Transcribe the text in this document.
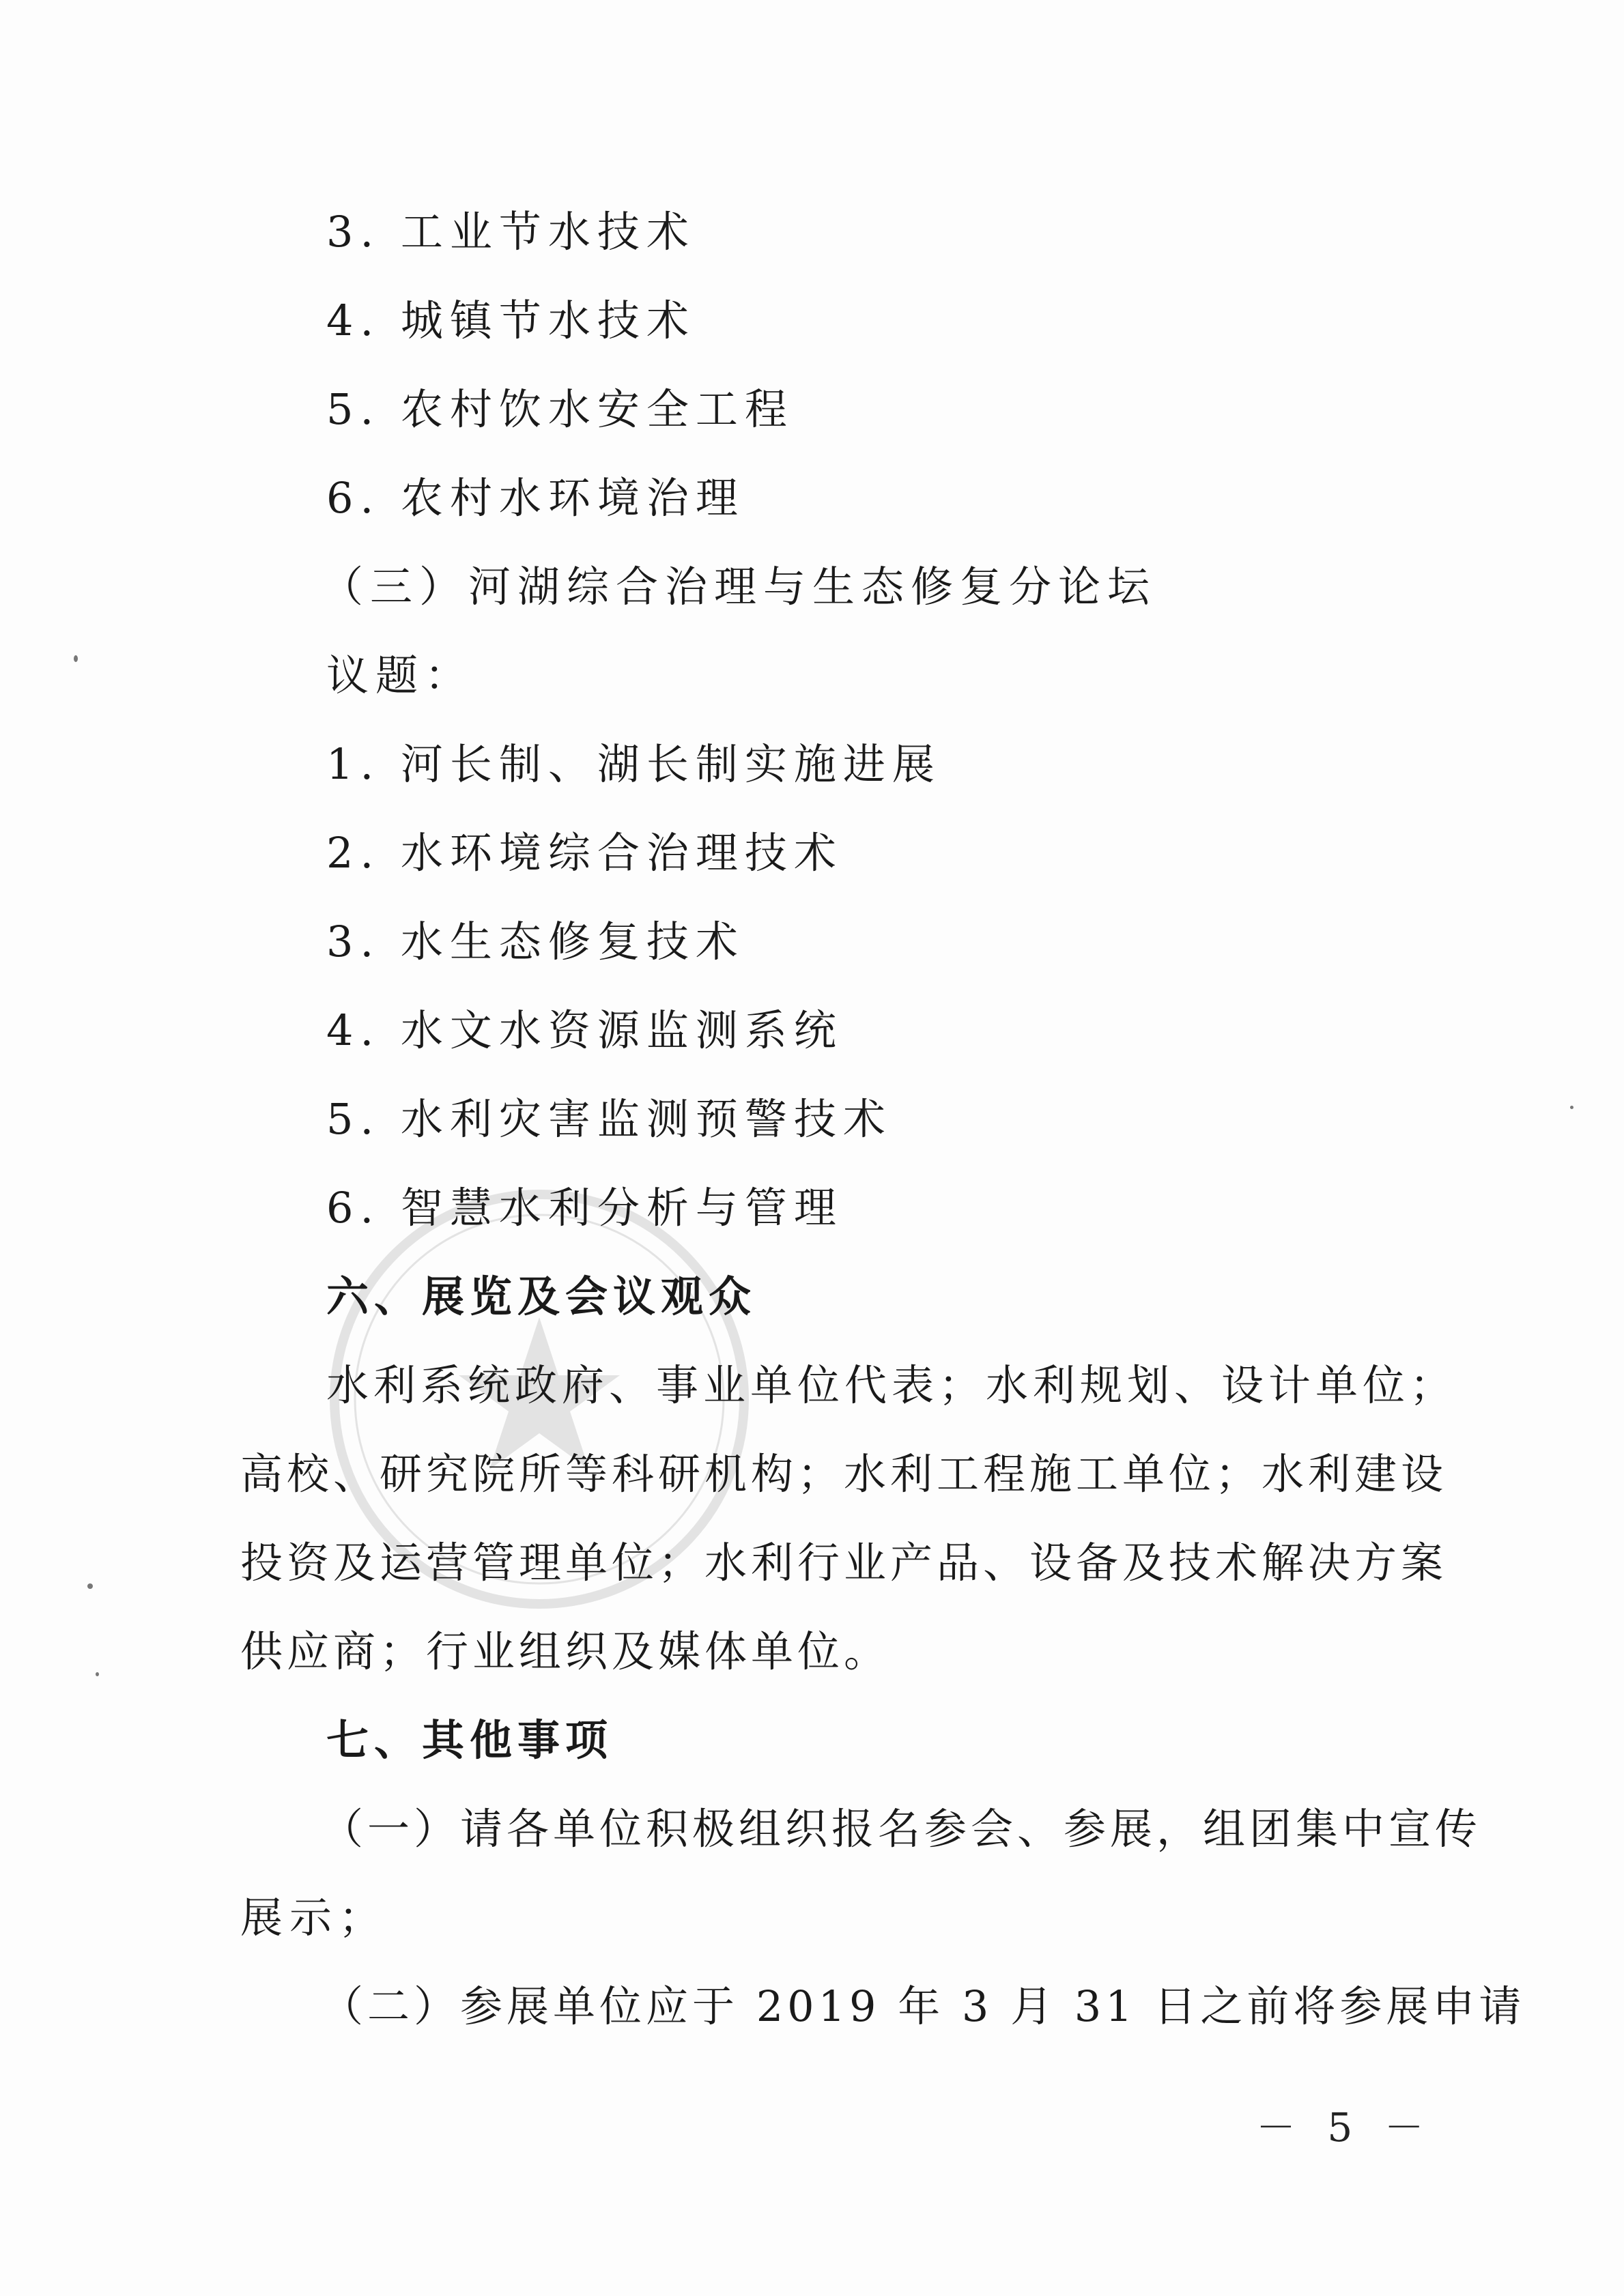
3. 工业节水技术
4. 城镇节水技术
5. 农村饮水安全工程
6. 农村水环境治理
（三）河湖综合治理与生态修复分论坛
议题：
1. 河长制、湖长制实施进展
2. 水环境综合治理技术
3. 水生态修复技术
4. 水文水资源监测系统
5. 水利灾害监测预警技术
6. 智慧水利分析与管理
六、展览及会议观众
水利系统政府、事业单位代表；水利规划、设计单位；
高校、研究院所等科研机构；水利工程施工单位；水利建设
投资及运营管理单位；水利行业产品、设备及技术解决方案
供应商；行业组织及媒体单位。
七、其他事项
（一）请各单位积极组织报名参会、参展，组团集中宣传
展示；
（二）参展单位应于 2019 年 3 月 31 日之前将参展申请
－ 5 －
